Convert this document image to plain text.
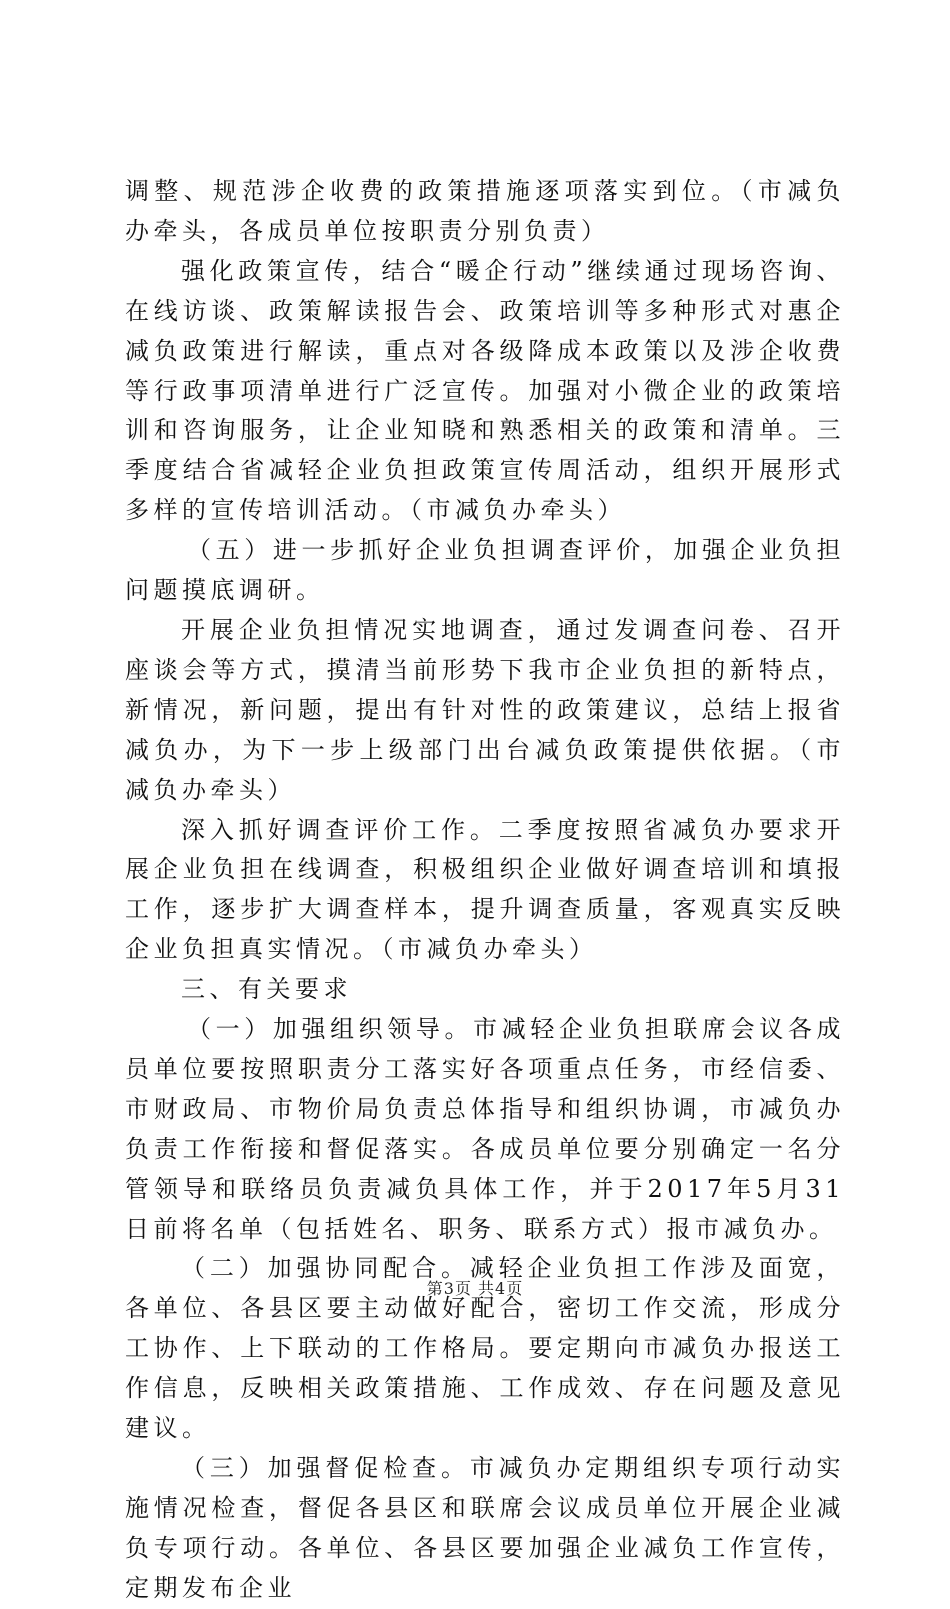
调整、规范涉企收费的政策措施逐项落实到位。（市减负办牵头，各成员单位按职责分别负责）

强化政策宣传，结合“暖企行动”继续通过现场咨询、在线访谈、政策解读报告会、政策培训等多种形式对惠企减负政策进行解读，重点对各级降成本政策以及涉企收费等行政事项清单进行广泛宣传。加强对小微企业的政策培训和咨询服务，让企业知晓和熟悉相关的政策和清单。三季度结合省减轻企业负担政策宣传周活动，组织开展形式多样的宣传培训活动。（市减负办牵头）

（五）进一步抓好企业负担调查评价，加强企业负担问题摸底调研。

开展企业负担情况实地调查，通过发调查问卷、召开座谈会等方式，摸清当前形势下我市企业负担的新特点，新情况，新问题，提出有针对性的政策建议，总结上报省减负办，为下一步上级部门出台减负政策提供依据。（市减负办牵头）

深入抓好调查评价工作。二季度按照省减负办要求开展企业负担在线调查，积极组织企业做好调查培训和填报工作，逐步扩大调查样本，提升调查质量，客观真实反映企业负担真实情况。（市减负办牵头）

三、有关要求

（一）加强组织领导。市减轻企业负担联席会议各成员单位要按照职责分工落实好各项重点任务，市经信委、市财政局、市物价局负责总体指导和组织协调，市减负办负责工作衔接和督促落实。各成员单位要分别确定一名分管领导和联络员负责减负具体工作，并于2017年5月31日前将名单（包括姓名、职务、联系方式）报市减负办。

（二）加强协同配合。减轻企业负担工作涉及面宽，各单位、各县区要主动做好配合，密切工作交流，形成分工协作、上下联动的工作格局。要定期向市减负办报送工作信息，反映相关政策措施、工作成效、存在问题及意见建议。

（三）加强督促检查。市减负办定期组织专项行动实施情况检查，督促各县区和联席会议成员单位开展企业减负专项行动。各单位、各县区要加强企业减负工作宣传，定期发布企业

第3页 共4页
